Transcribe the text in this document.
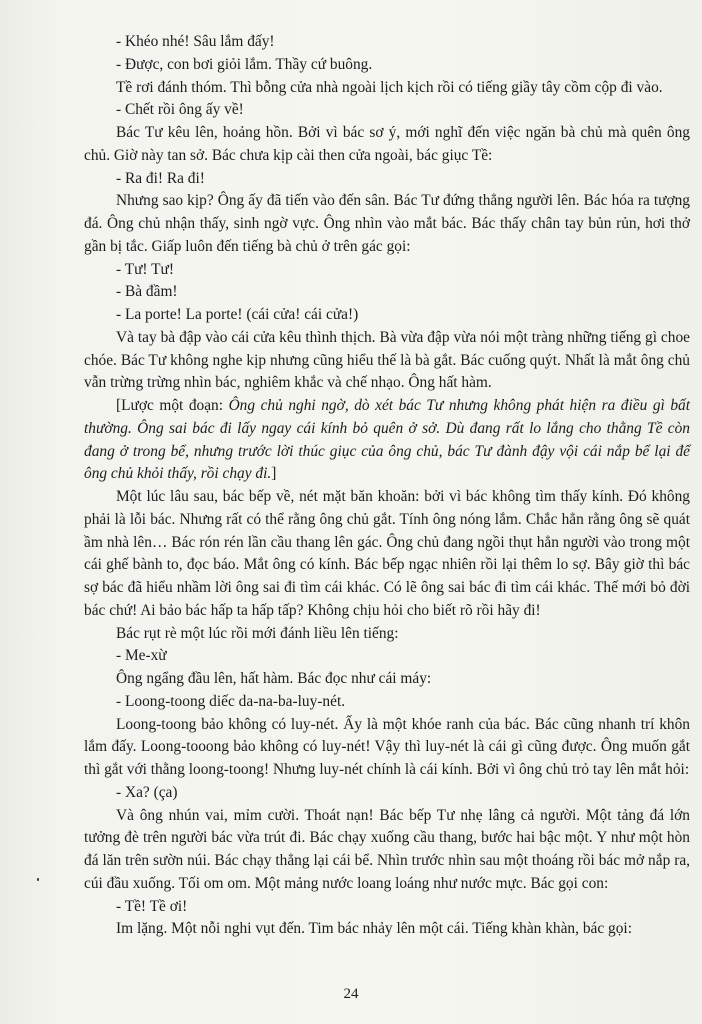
- Khéo nhé! Sâu lắm đấy!

- Được, con bơi giỏi lắm. Thầy cứ buông.

Tề rơi đánh thóm. Thì bỗng cửa nhà ngoài lịch kịch rồi có tiếng giầy tây cồm cộp đi vào.

- Chết rồi ông ấy về!

Bác Tư kêu lên, hoảng hồn. Bởi vì bác sơ ý, mới nghĩ đến việc ngăn bà chủ mà quên ông chủ. Giờ này tan sở. Bác chưa kịp cài then cửa ngoài, bác giục Tề:

- Ra đi! Ra đi!

Nhưng sao kịp? Ông ấy đã tiến vào đến sân. Bác Tư đứng thẳng người lên. Bác hóa ra tượng đá. Ông chủ nhận thấy, sinh ngờ vực. Ông nhìn vào mắt bác. Bác thấy chân tay bủn rủn, hơi thở gần bị tắc. Giấp luôn đến tiếng bà chủ ở trên gác gọi:

- Tư! Tư!

- Bà đầm!

- La porte! La porte! (cái cửa! cái cửa!)

Và tay bà đập vào cái cửa kêu thình thịch. Bà vừa đập vừa nói một tràng những tiếng gì choe chóe. Bác Tư không nghe kịp nhưng cũng hiểu thế là bà gắt. Bác cuống quýt. Nhất là mắt ông chủ vẫn trừng trừng nhìn bác, nghiêm khắc và chế nhạo. Ông hất hàm.

[Lược một đoạn: Ông chủ nghi ngờ, dò xét bác Tư nhưng không phát hiện ra điều gì bất thường. Ông sai bác đi lấy ngay cái kính bỏ quên ở sở. Dù đang rất lo lắng cho thằng Tề còn đang ở trong bể, nhưng trước lời thúc giục của ông chủ, bác Tư đành đậy vội cái nắp bể lại để ông chủ khỏi thấy, rồi chạy đi.]

Một lúc lâu sau, bác bếp về, nét mặt băn khoăn: bởi vì bác không tìm thấy kính. Đó không phải là lỗi bác. Nhưng rất có thể rằng ông chủ gắt. Tính ông nóng lắm. Chắc hẳn rằng ông sẽ quát ầm nhà lên… Bác rón rén lần cầu thang lên gác. Ông chủ đang ngồi thụt hẳn người vào trong một cái ghế bành to, đọc báo. Mắt ông có kính. Bác bếp ngạc nhiên rồi lại thêm lo sợ. Bây giờ thì bác sợ bác đã hiểu nhầm lời ông sai đi tìm cái khác. Có lẽ ông sai bác đi tìm cái khác. Thế mới bỏ đời bác chứ! Ai bảo bác hấp ta hấp tấp? Không chịu hỏi cho biết rõ rồi hãy đi!

Bác rụt rè một lúc rồi mới đánh liều lên tiếng:

- Me-xừ

Ông ngẩng đầu lên, hất hàm. Bác đọc như cái máy:

- Loong-toong diếc da-na-ba-luy-nét.

Loong-toong bảo không có luy-nét. Ấy là một khóe ranh của bác. Bác cũng nhanh trí khôn lắm đấy. Loong-tooong bảo không có luy-nét! Vậy thì luy-nét là cái gì cũng được. Ông muốn gắt thì gắt với thằng loong-toong! Nhưng luy-nét chính là cái kính. Bởi vì ông chủ trỏ tay lên mắt hỏi:

- Xa? (ça)

Và ông nhún vai, mỉm cười. Thoát nạn! Bác bếp Tư nhẹ lâng cả người. Một tảng đá lớn tưởng đè trên người bác vừa trút đi. Bác chạy xuống cầu thang, bước hai bậc một. Y như một hòn đá lăn trên sườn núi. Bác chạy thẳng lại cái bể. Nhìn trước nhìn sau một thoáng rồi bác mở nắp ra, cúi đầu xuống. Tối om om. Một mảng nước loang loáng như nước mực. Bác gọi con:

- Tề! Tề ơi!

Im lặng. Một nỗi nghi vụt đến. Tim bác nhảy lên một cái. Tiếng khàn khàn, bác gọi:

24
